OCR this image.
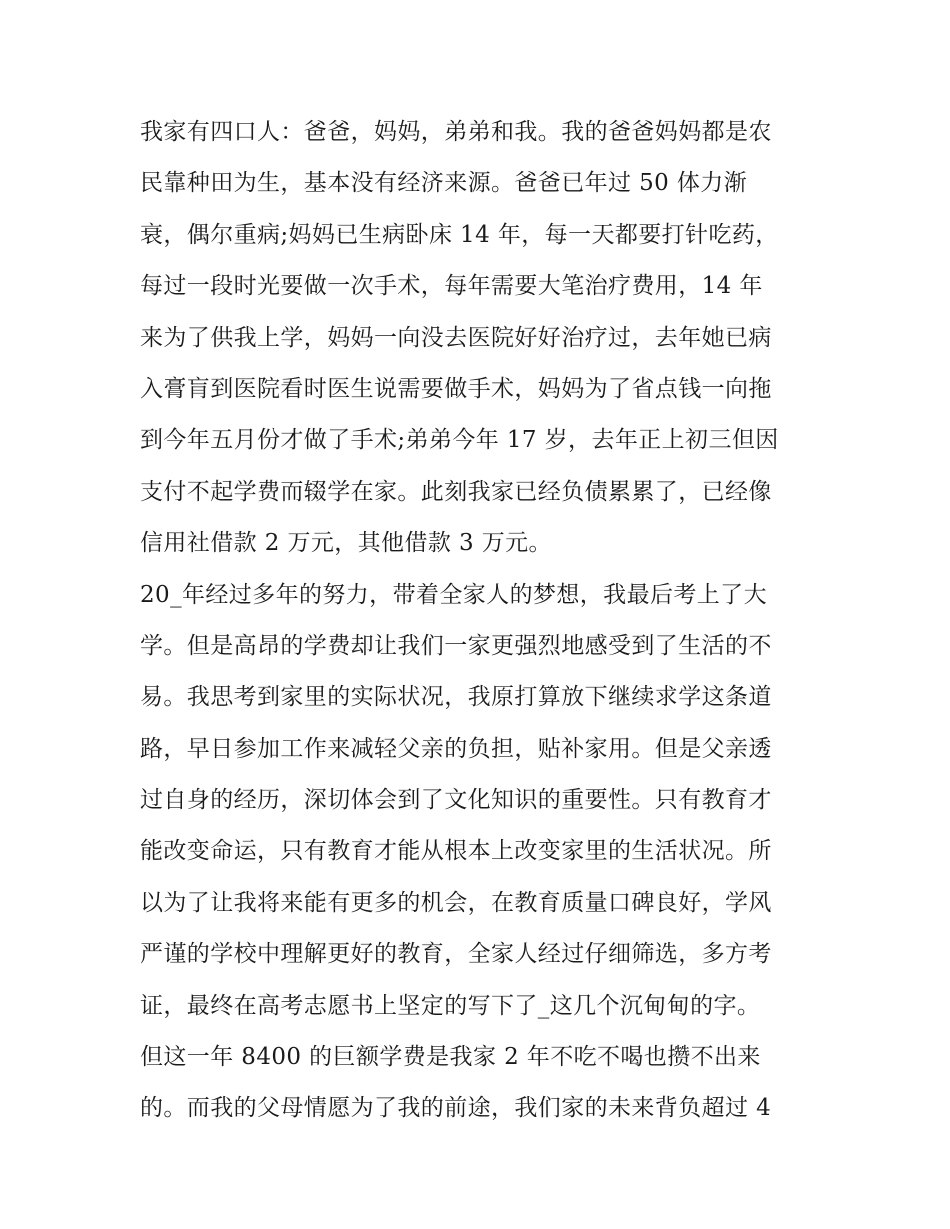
我家有四口人：爸爸，妈妈，弟弟和我。我的爸爸妈妈都是农
民靠种田为生，基本没有经济来源。爸爸已年过 50 体力渐
衰，偶尔重病;妈妈已生病卧床 14 年，每一天都要打针吃药，
每过一段时光要做一次手术，每年需要大笔治疗费用，14 年
来为了供我上学，妈妈一向没去医院好好治疗过，去年她已病
入膏肓到医院看时医生说需要做手术，妈妈为了省点钱一向拖
到今年五月份才做了手术;弟弟今年 17 岁，去年正上初三但因
支付不起学费而辍学在家。此刻我家已经负债累累了，已经像
信用社借款 2 万元，其他借款 3 万元。
20_年经过多年的努力，带着全家人的梦想，我最后考上了大
学。但是高昂的学费却让我们一家更强烈地感受到了生活的不
易。我思考到家里的实际状况，我原打算放下继续求学这条道
路，早日参加工作来减轻父亲的负担，贴补家用。但是父亲透
过自身的经历，深切体会到了文化知识的重要性。只有教育才
能改变命运，只有教育才能从根本上改变家里的生活状况。所
以为了让我将来能有更多的机会，在教育质量口碑良好，学风
严谨的学校中理解更好的教育，全家人经过仔细筛选，多方考
证，最终在高考志愿书上坚定的写下了_这几个沉甸甸的字。
但这一年 8400 的巨额学费是我家 2 年不吃不喝也攒不出来
的。而我的父母情愿为了我的前途，我们家的未来背负超过 4
